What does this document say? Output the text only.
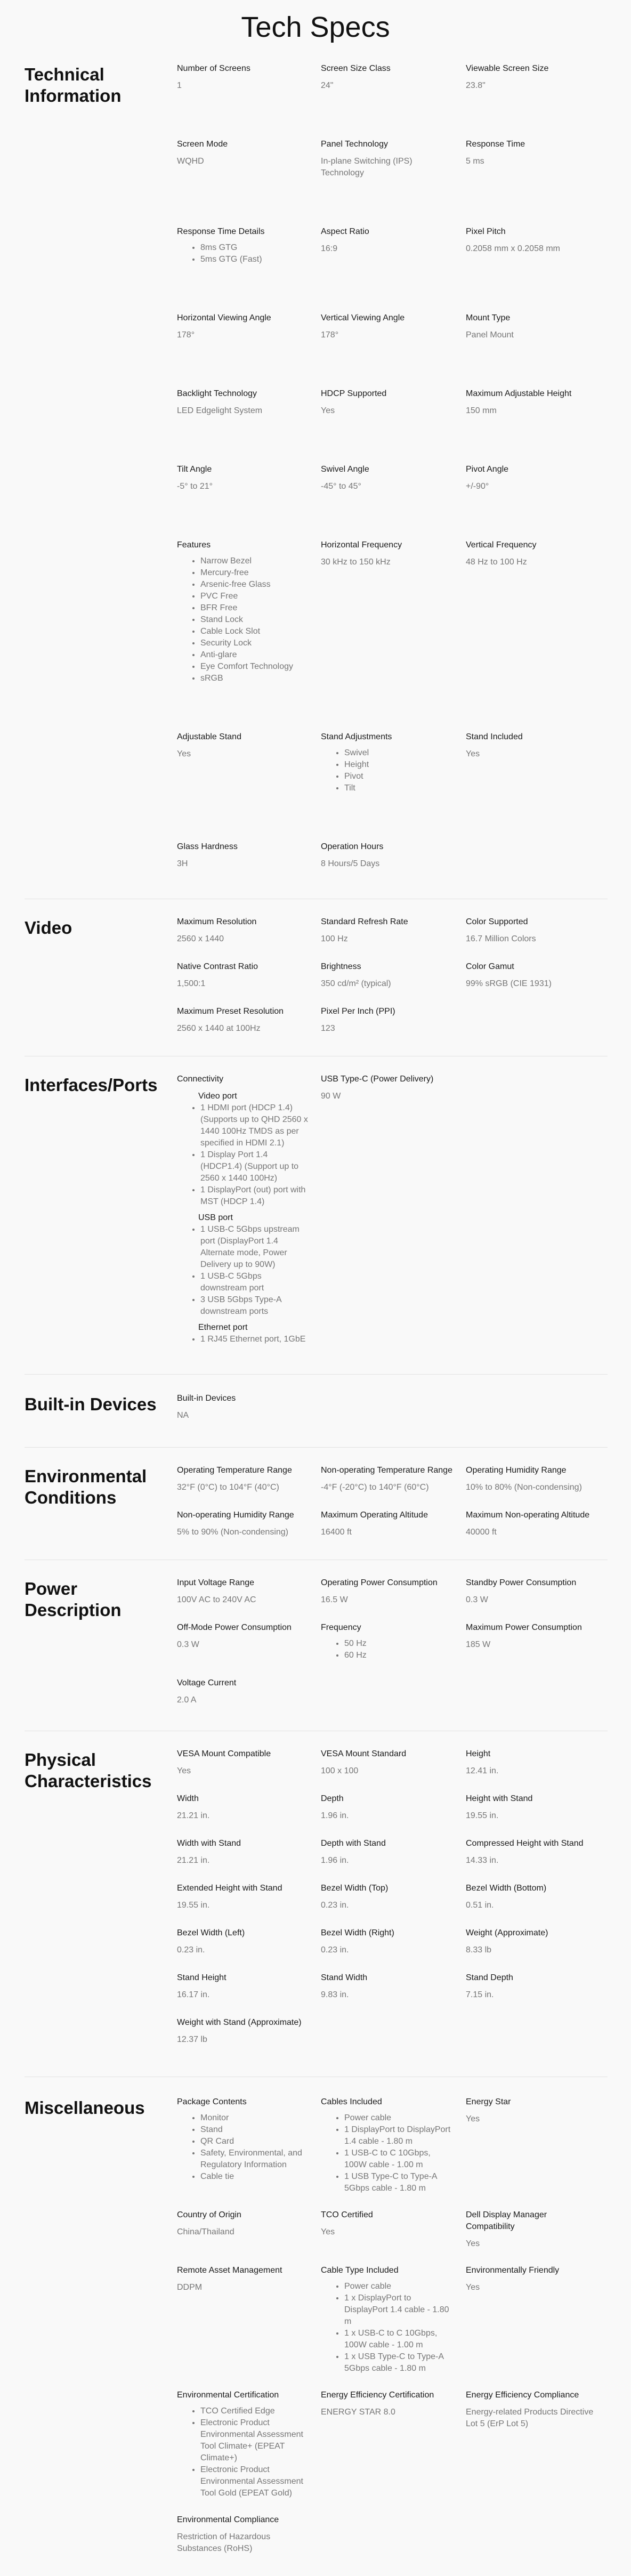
Tech Specs
Technical Information
Number of Screens
1
Screen Size Class
24"
Viewable Screen Size
23.8"
Screen Mode
WQHD
Panel Technology
In-plane Switching (IPS) Technology
Response Time
5 ms
Response Time Details
• 8ms GTG
• 5ms GTG (Fast)
Aspect Ratio
16:9
Pixel Pitch
0.2058 mm x 0.2058 mm
Horizontal Viewing Angle
178°
Vertical Viewing Angle
178°
Mount Type
Panel Mount
Backlight Technology
LED Edgelight System
HDCP Supported
Yes
Maximum Adjustable Height
150 mm
Tilt Angle
-5° to 21°
Swivel Angle
-45° to 45°
Pivot Angle
+/-90°
Features
• Narrow Bezel
• Mercury-free
• Arsenic-free Glass
• PVC Free
• BFR Free
• Stand Lock
• Cable Lock Slot
• Security Lock
• Anti-glare
• Eye Comfort Technology
• sRGB
Horizontal Frequency
30 kHz to 150 kHz
Vertical Frequency
48 Hz to 100 Hz
Adjustable Stand
Yes
Stand Adjustments
• Swivel
• Height
• Pivot
• Tilt
Stand Included
Yes
Glass Hardness
3H
Operation Hours
8 Hours/5 Days
Video	Maximum Resolution
2560 x 1440
Standard Refresh Rate
100 Hz
Color Supported
16.7 Million Colors
Native Contrast Ratio
1,500:1
Brightness
350 cd/m² (typical)
Color Gamut
99% sRGB (CIE 1931)
Maximum Preset Resolution
2560 x 1440 at 100Hz
Pixel Per Inch (PPI)
123
Interfaces/Ports	Connectivity
Video port
• 1 HDMI port (HDCP 1.4) (Supports up to QHD 2560 x 1440 100Hz TMDS as per specified in HDMI 2.1)
• 1 Display Port 1.4 (HDCP1.4) (Support up to 2560 x 1440 100Hz)
• 1 DisplayPort (out) port with MST (HDCP 1.4)
USB port
• 1 USB-C 5Gbps upstream port (DisplayPort 1.4 Alternate mode, Power Delivery up to 90W)
• 1 USB-C 5Gbps downstream port
• 3 USB 5Gbps Type-A downstream ports
Ethernet port
• 1 RJ45 Ethernet port, 1GbE
USB Type-C (Power Delivery)
90 W
Built-in Devices	Built-in Devices
NA
Environmental Conditions
Operating Temperature Range
32°F (0°C) to 104°F (40°C)
Non-operating Temperature Range
-4°F (-20°C) to 140°F (60°C)
Operating Humidity Range
10% to 80% (Non-condensing)
Non-operating Humidity Range
5% to 90% (Non-condensing)
Maximum Operating Altitude
16400 ft
Maximum Non-operating Altitude
40000 ft
Power Description
Input Voltage Range
100V AC to 240V AC
Operating Power Consumption
16.5 W
Standby Power Consumption
0.3 W
Off-Mode Power Consumption
0.3 W
Frequency
• 50 Hz
• 60 Hz
Maximum Power Consumption
185 W
Voltage Current
2.0 A
Physical Characteristics
VESA Mount Compatible
Yes
VESA Mount Standard
100 x 100
Height
12.41 in.
Width
21.21 in.
Depth
1.96 in.
Height with Stand
19.55 in.
Width with Stand
21.21 in.
Depth with Stand
1.96 in.
Compressed Height with Stand
14.33 in.
Extended Height with Stand
19.55 in.
Bezel Width (Top)
0.23 in.
Bezel Width (Bottom)
0.51 in.
Bezel Width (Left)
0.23 in.
Bezel Width (Right)
0.23 in.
Weight (Approximate)
8.33 lb
Stand Height
16.17 in.
Stand Width
9.83 in.
Stand Depth
7.15 in.
Weight with Stand (Approximate)
12.37 lb
Miscellaneous	Package Contents
• Monitor
• Stand
• QR Card
• Safety, Environmental, and Regulatory Information
• Cable tie
Cables Included
• Power cable
• 1 DisplayPort to DisplayPort 1.4 cable - 1.80 m
• 1 USB-C to C 10Gbps, 100W cable - 1.00 m
• 1 USB Type-C to Type-A 5Gbps cable - 1.80 m
Energy Star
Yes
Country of Origin
China/Thailand
TCO Certified
Yes
Dell Display Manager Compatibility
Yes
Remote Asset Management
DDPM
Cable Type Included
• Power cable
• 1 x DisplayPort to DisplayPort 1.4 cable - 1.80 m
• 1 x USB-C to C 10Gbps, 100W cable - 1.00 m
• 1 x USB Type-C to Type-A 5Gbps cable - 1.80 m
Environmentally Friendly
Yes
Environmental Certification
• TCO Certified Edge
• Electronic Product Environmental Assessment Tool Climate+ (EPEAT Climate+)
• Electronic Product Environmental Assessment Tool Gold (EPEAT Gold)
Energy Efficiency Certification
ENERGY STAR 8.0
Energy Efficiency Compliance
Energy-related Products Directive Lot 5 (ErP Lot 5)
Environmental Compliance
Restriction of Hazardous Substances (RoHS)
